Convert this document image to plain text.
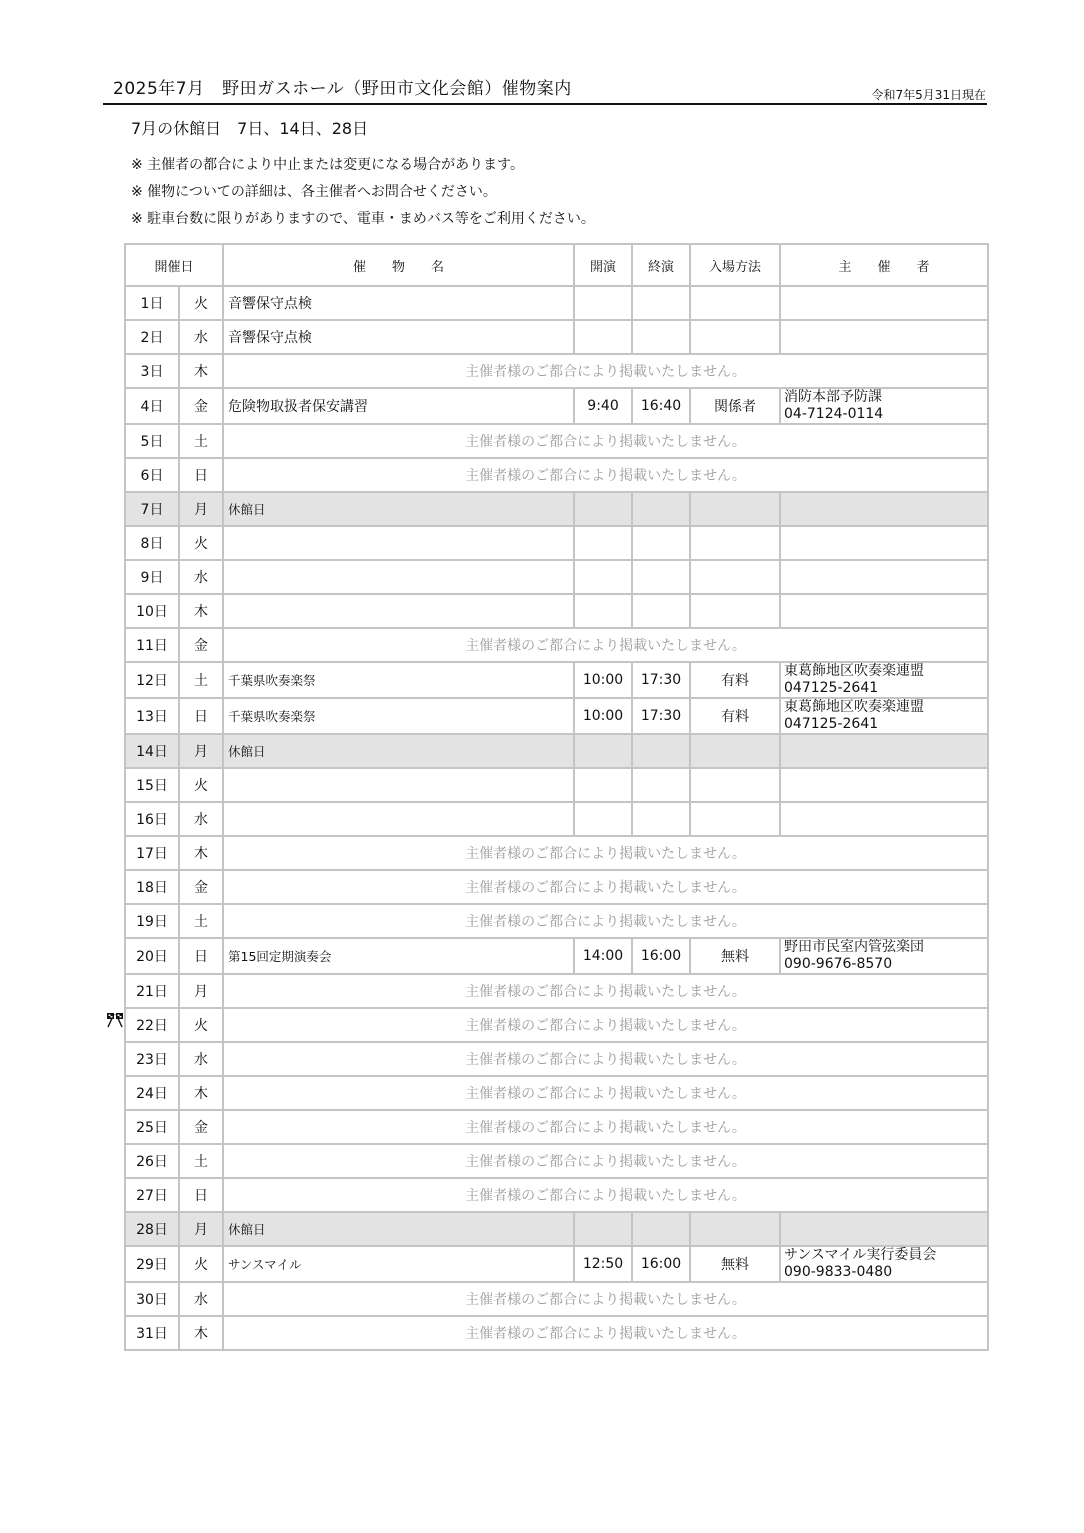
2025年7月　野田ガスホール（野田市文化会館）催物案内	令和7年5月31日現在
7月の休館日　7日、14日、28日
※ 主催者の都合により中止または変更になる場合があります。
※ 催物についての詳細は、各主催者へお問合せください。
※ 駐車台数に限りがありますので、電車・まめバス等をご利用ください。
開催日		催　　物　　名	開演	終演	入場方法	主　　催　　者
1日	火	音響保守点検				

2日	水	音響保守点検				

3日	木	主催者様のご都合により掲載いたしません。				
4日	金	危険物取扱者保安講習	9:40	16:40	関係者	消防本部予防課
04-7124-0114

5日	土	主催者様のご都合により掲載いたしません。				
6日	日	主催者様のご都合により掲載いたしません。				
7日	月	休館日				
8日	火					

9日	水					

10日	木					

11日	金	主催者様のご都合により掲載いたしません。				
12日	土	千葉県吹奏楽祭	10:00	17:30	有料	東葛飾地区吹奏楽連盟
047125-2641

13日	日	千葉県吹奏楽祭	10:00	17:30	有料	東葛飾地区吹奏楽連盟
047125-2641

14日	月	休館日				
15日	火					

16日	水					

17日	木	主催者様のご都合により掲載いたしません。				
18日	金	主催者様のご都合により掲載いたしません。				
19日	土	主催者様のご都合により掲載いたしません。				
20日	日	第15回定期演奏会	14:00	16:00	無料	野田市民室内管弦楽団
090-9676-8570

21日	月	主催者様のご都合により掲載いたしません。				
22日	火	主催者様のご都合により掲載いたしません。				
23日	水	主催者様のご都合により掲載いたしません。				
24日	木	主催者様のご都合により掲載いたしません。				
25日	金	主催者様のご都合により掲載いたしません。				
26日	土	主催者様のご都合により掲載いたしません。				
27日	日	主催者様のご都合により掲載いたしません。				
28日	月	休館日				
29日	火	サンスマイル	12:50	16:00	無料	サンスマイル実行委員会
090-9833-0480

30日	水	主催者様のご都合により掲載いたしません。				
31日	木	主催者様のご都合により掲載いたしません。				
